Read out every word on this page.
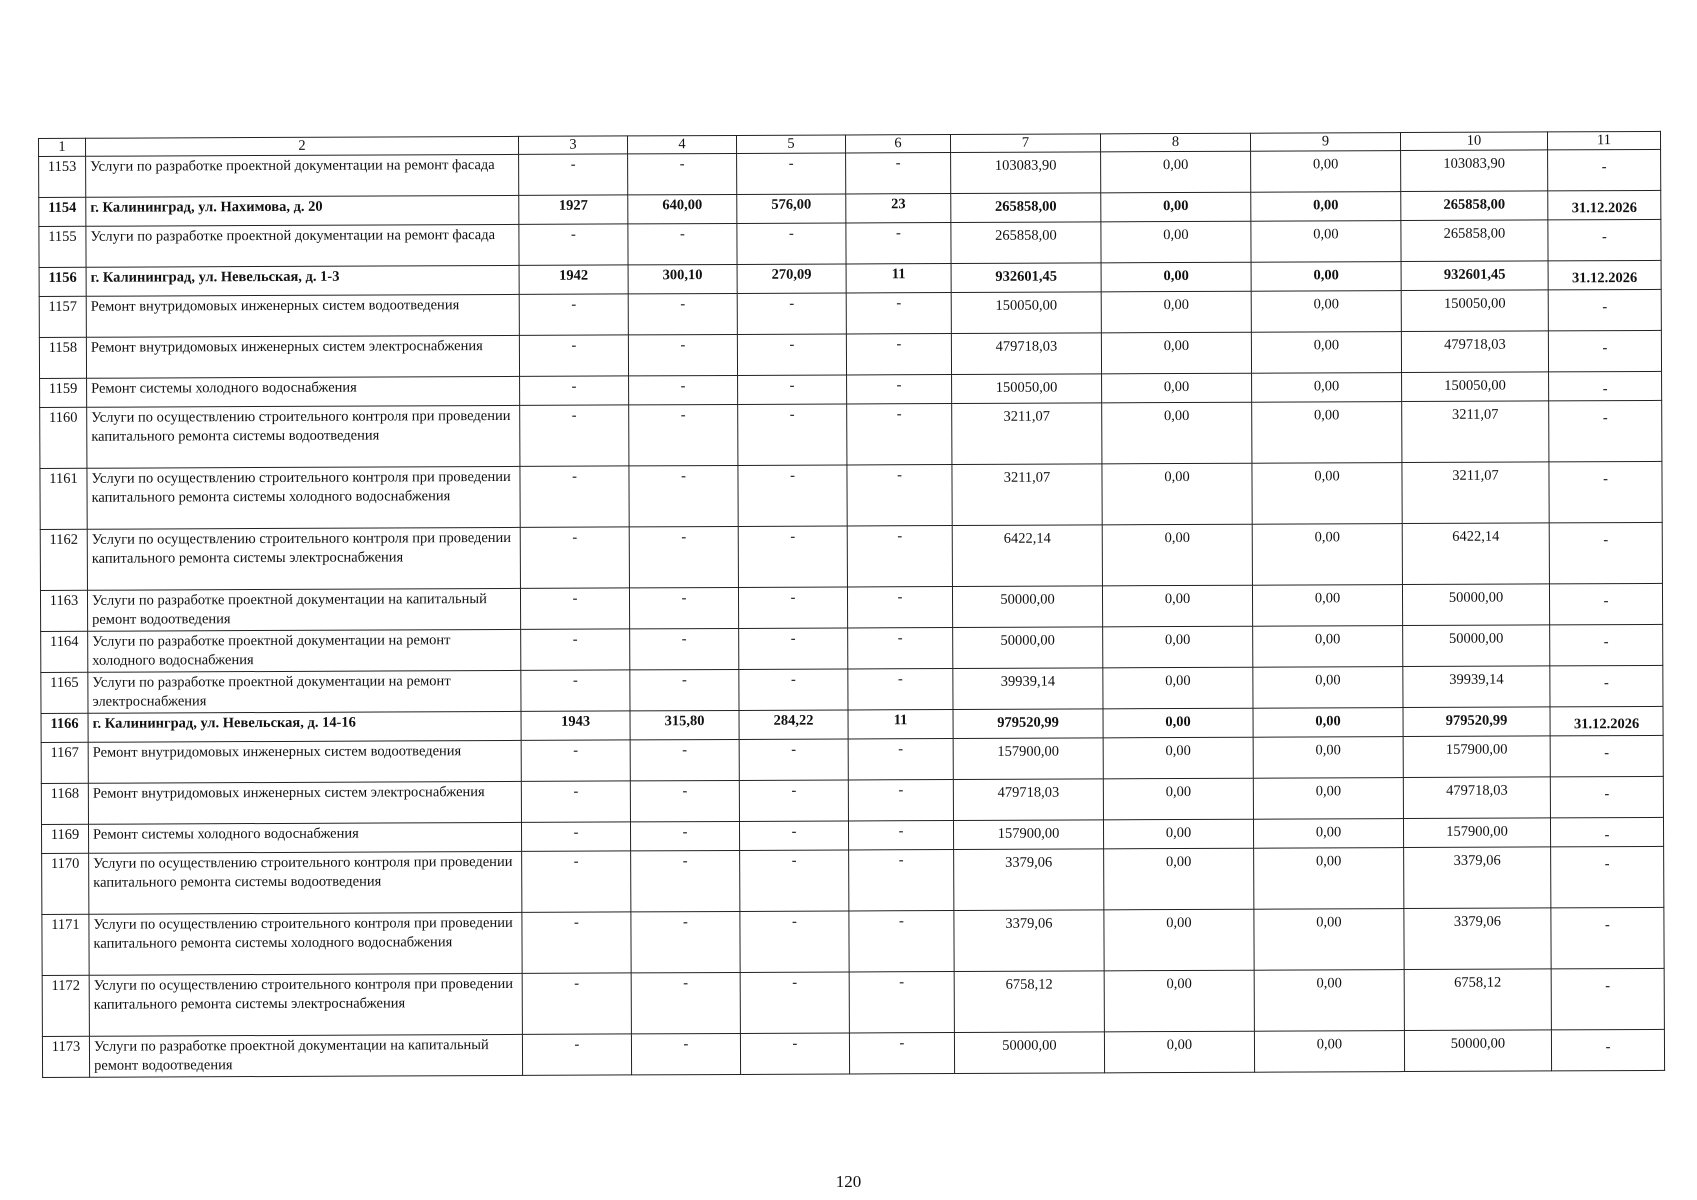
1	2	3	4	5	6	7	8	9	10	11
1153	Услуги по разработке проектной документации на ремонт фасада	-	-	-	-	103083,90	0,00	0,00	103083,90	-
1154	г. Калининград, ул. Нахимова, д. 20	1927	640,00	576,00	23	265858,00	0,00	0,00	265858,00	31.12.2026
1155	Услуги по разработке проектной документации на ремонт фасада	-	-	-	-	265858,00	0,00	0,00	265858,00	-
1156	г. Калининград, ул. Невельская, д. 1-3	1942	300,10	270,09	11	932601,45	0,00	0,00	932601,45	31.12.2026
1157	Ремонт внутридомовых инженерных систем водоотведения	-	-	-	-	150050,00	0,00	0,00	150050,00	-
1158	Ремонт внутридомовых инженерных систем электроснабжения	-	-	-	-	479718,03	0,00	0,00	479718,03	-
1159	Ремонт системы холодного водоснабжения	-	-	-	-	150050,00	0,00	0,00	150050,00	-
1160	Услуги по осуществлению строительного контроля при проведении капитального ремонта системы водоотведения	-	-	-	-	3211,07	0,00	0,00	3211,07	-
1161	Услуги по осуществлению строительного контроля при проведении капитального ремонта системы холодного водоснабжения	-	-	-	-	3211,07	0,00	0,00	3211,07	-
1162	Услуги по осуществлению строительного контроля при проведении капитального ремонта системы электроснабжения	-	-	-	-	6422,14	0,00	0,00	6422,14	-
1163	Услуги по разработке проектной документации на капитальный ремонт водоотведения	-	-	-	-	50000,00	0,00	0,00	50000,00	-
1164	Услуги по разработке проектной документации на ремонт холодного водоснабжения	-	-	-	-	50000,00	0,00	0,00	50000,00	-
1165	Услуги по разработке проектной документации на ремонт электроснабжения	-	-	-	-	39939,14	0,00	0,00	39939,14	-
1166	г. Калининград, ул. Невельская, д. 14-16	1943	315,80	284,22	11	979520,99	0,00	0,00	979520,99	31.12.2026
1167	Ремонт внутридомовых инженерных систем водоотведения	-	-	-	-	157900,00	0,00	0,00	157900,00	-
1168	Ремонт внутридомовых инженерных систем электроснабжения	-	-	-	-	479718,03	0,00	0,00	479718,03	-
1169	Ремонт системы холодного водоснабжения	-	-	-	-	157900,00	0,00	0,00	157900,00	-
1170	Услуги по осуществлению строительного контроля при проведении капитального ремонта системы водоотведения	-	-	-	-	3379,06	0,00	0,00	3379,06	-
1171	Услуги по осуществлению строительного контроля при проведении капитального ремонта системы холодного водоснабжения	-	-	-	-	3379,06	0,00	0,00	3379,06	-
1172	Услуги по осуществлению строительного контроля при проведении капитального ремонта системы электроснабжения	-	-	-	-	6758,12	0,00	0,00	6758,12	-
1173	Услуги по разработке проектной документации на капитальный ремонт водоотведения	-	-	-	-	50000,00	0,00	0,00	50000,00	-
120
